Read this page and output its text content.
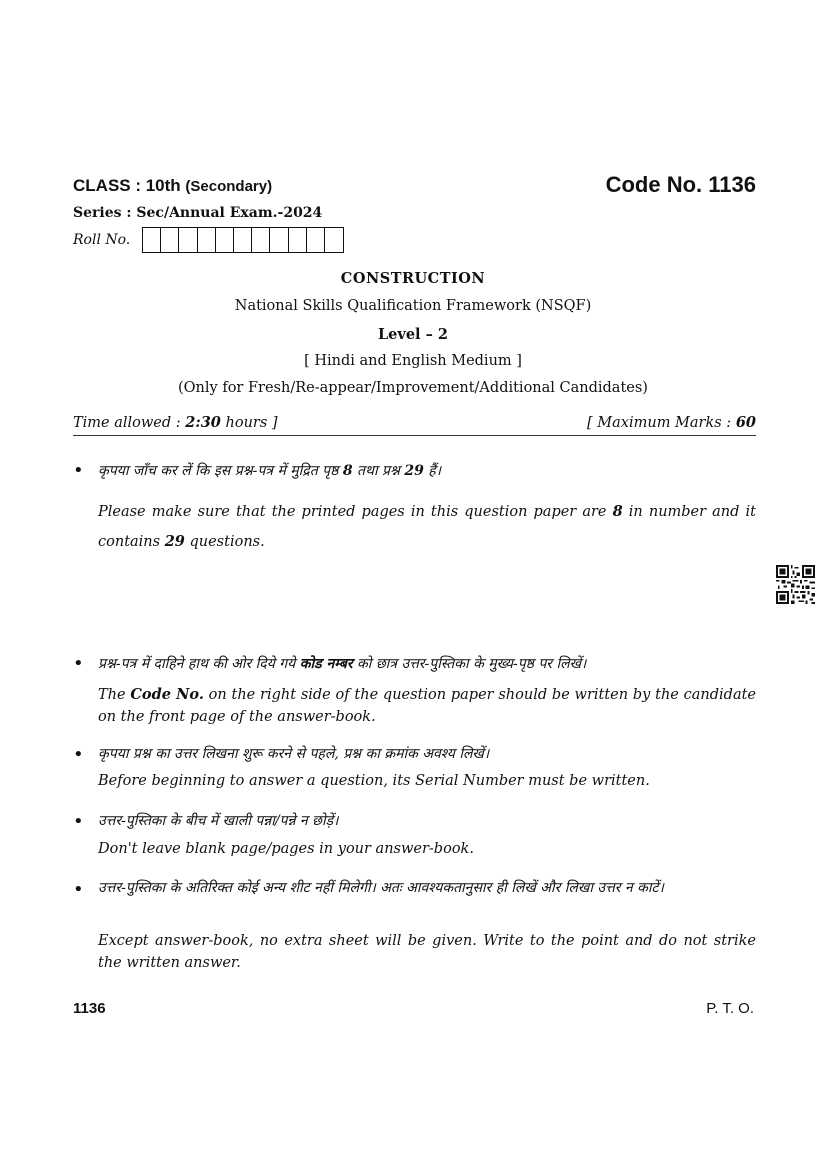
CLASS : 10th (Secondary)	Code No. 1136
Series : Sec/Annual Exam.-2024
Roll No.
CONSTRUCTION
National Skills Qualification Framework (NSQF)
Level – 2
[ Hindi and English Medium ]
(Only for Fresh/Re-appear/Improvement/Additional Candidates)
Time allowed : 2:30 hours ]	[ Maximum Marks : 60
• कृपया जाँच कर लें कि इस प्रश्न-पत्र में मुद्रित पृष्ठ 8 तथा प्रश्न 29 हैं।
Please make sure that the printed pages in this question paper are 8 in number and it contains 29 questions.
• प्रश्न-पत्र में दाहिने हाथ की ओर दिये गये कोड नम्बर को छात्र उत्तर-पुस्तिका के मुख्य-पृष्ठ पर लिखें।
The Code No. on the right side of the question paper should be written by the candidate on the front page of the answer-book.
• कृपया प्रश्न का उत्तर लिखना शुरू करने से पहले, प्रश्न का क्रमांक अवश्य लिखें।
Before beginning to answer a question, its Serial Number must be written.
• उत्तर-पुस्तिका के बीच में खाली पन्ना/पन्ने न छोड़ें।
Don't leave blank page/pages in your answer-book.
• उत्तर-पुस्तिका के अतिरिक्त कोई अन्य शीट नहीं मिलेगी। अतः आवश्यकतानुसार ही लिखें और लिखा उत्तर न काटें।
Except answer-book, no extra sheet will be given. Write to the point and do not strike the written answer.
1136	P. T. O.
